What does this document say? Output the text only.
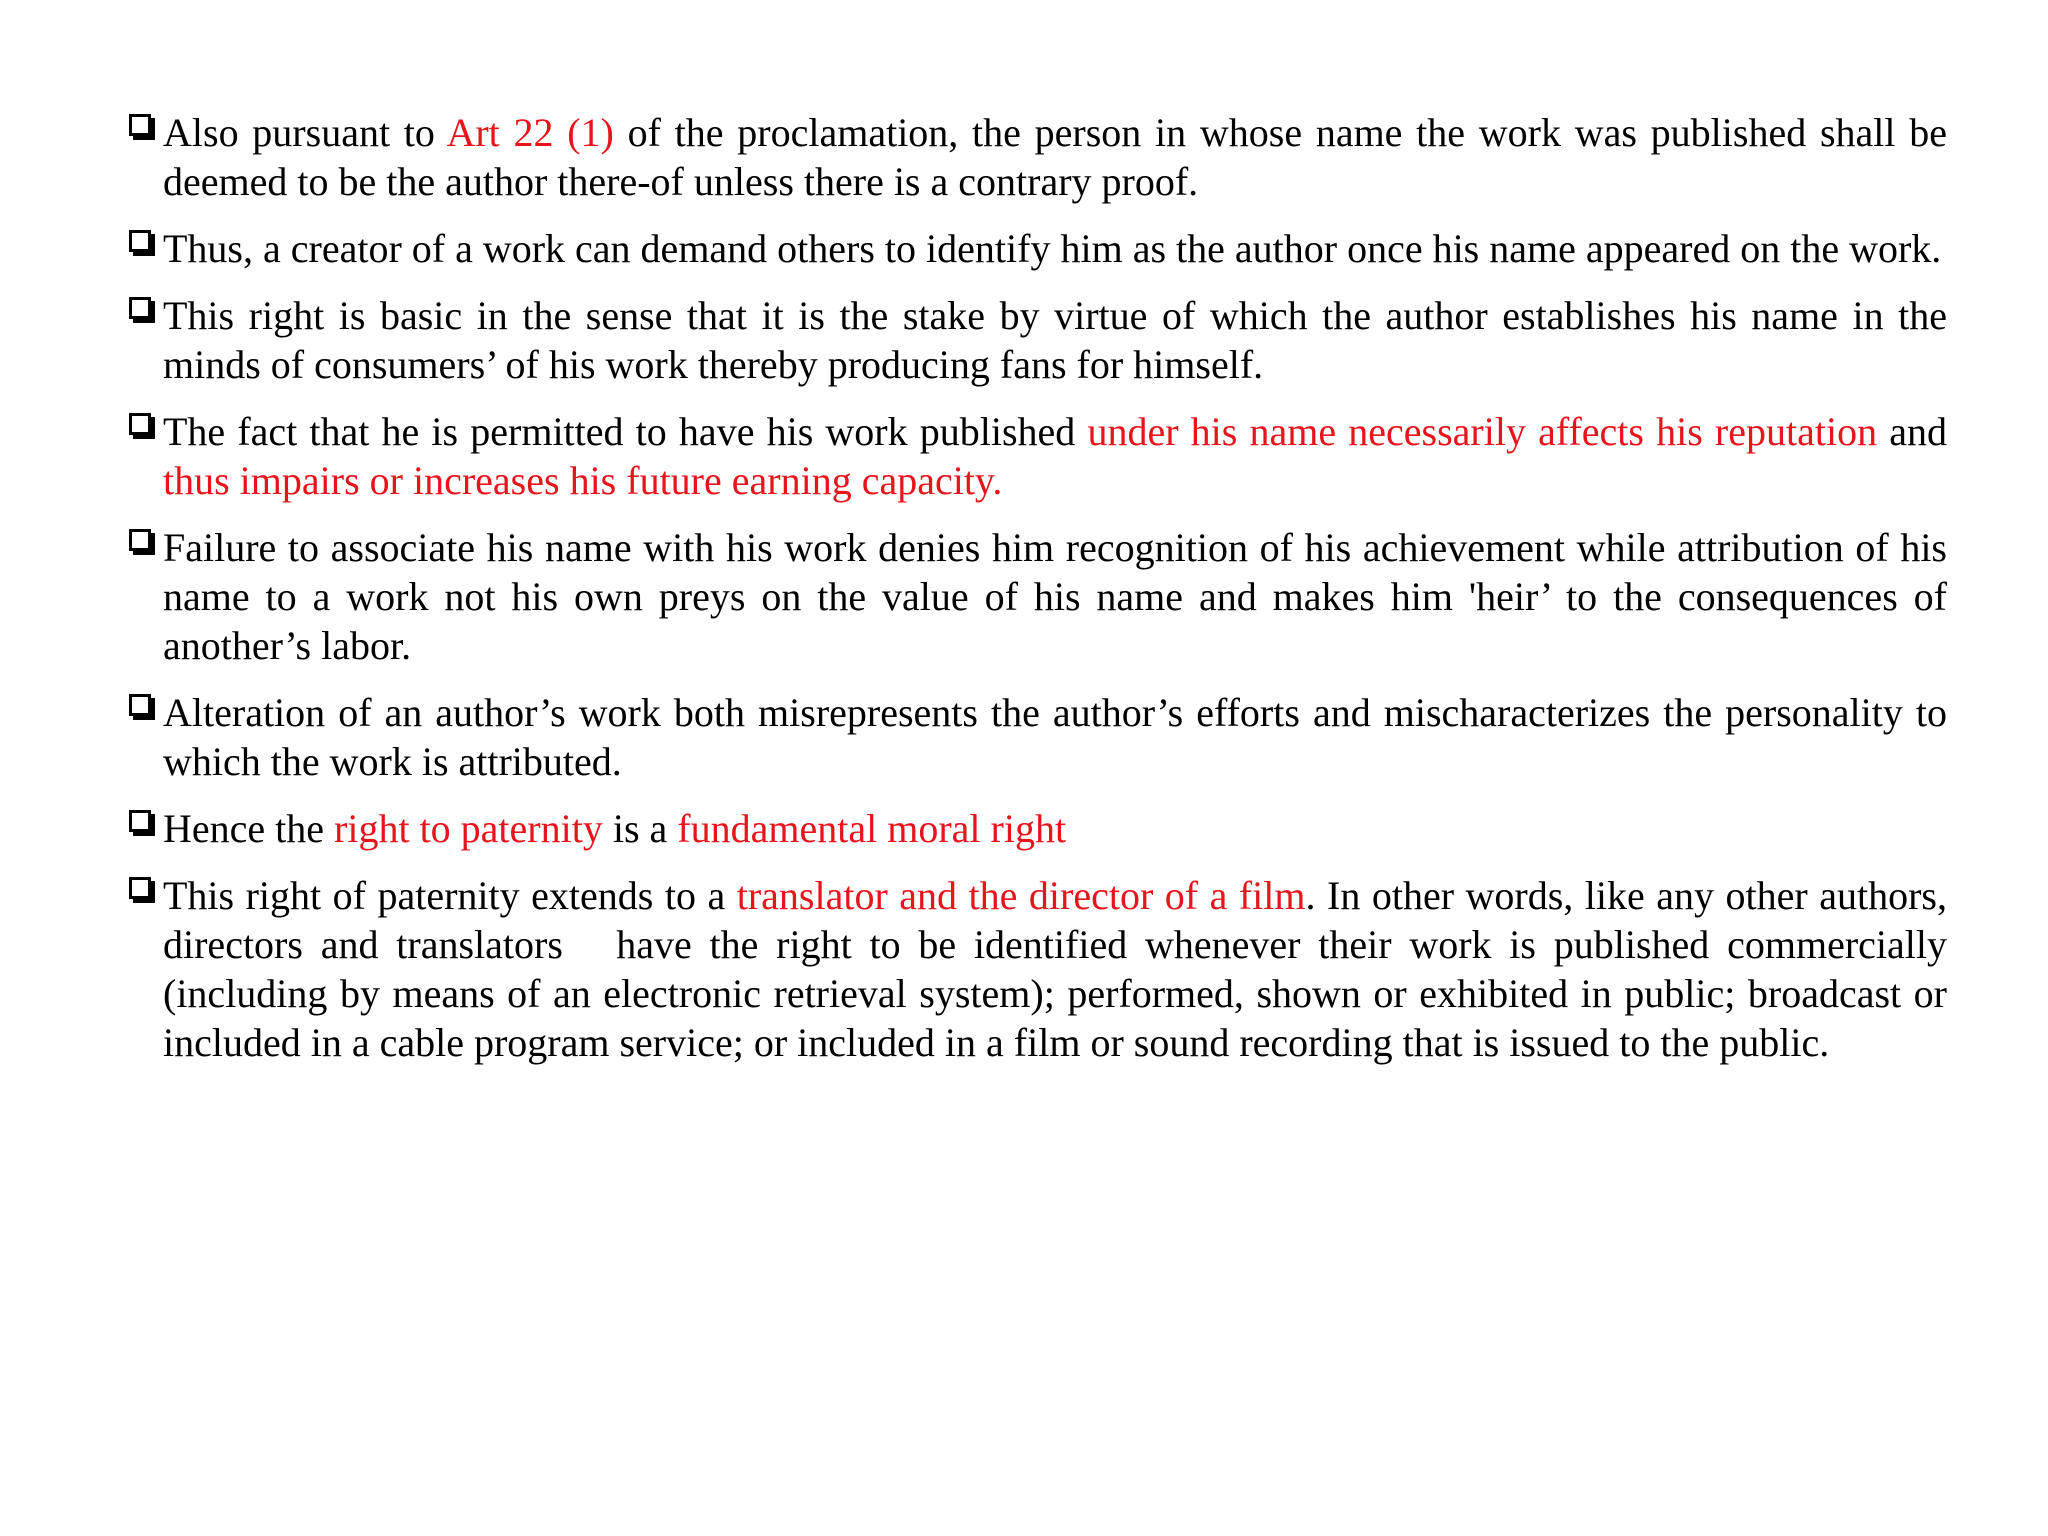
Also pursuant to Art 22 (1) of the proclamation, the person in whose name the work was published shall be deemed to be the author there-of unless there is a contrary proof.
Thus, a creator of a work can demand others to identify him as the author once his name appeared on the work.
This right is basic in the sense that it is the stake by virtue of which the author establishes his name in the minds of consumers’ of his work thereby producing fans for himself.
The fact that he is permitted to have his work published under his name necessarily affects his reputation and thus impairs or increases his future earning capacity.
Failure to associate his name with his work denies him recognition of his achievement while attribution of his name to a work not his own preys on the value of his name and makes him 'heir’ to the consequences of another’s labor.
Alteration of an author’s work both misrepresents the author’s efforts and mischaracterizes the personality to which the work is attributed.
Hence the right to paternity is a fundamental moral right
This right of paternity extends to a translator and the director of a film. In other words, like any other authors, directors and translators   have the right to be identified whenever their work is published commercially (including by means of an electronic retrieval system); performed, shown or exhibited in public; broadcast or included in a cable program service; or included in a film or sound recording that is issued to the public.
